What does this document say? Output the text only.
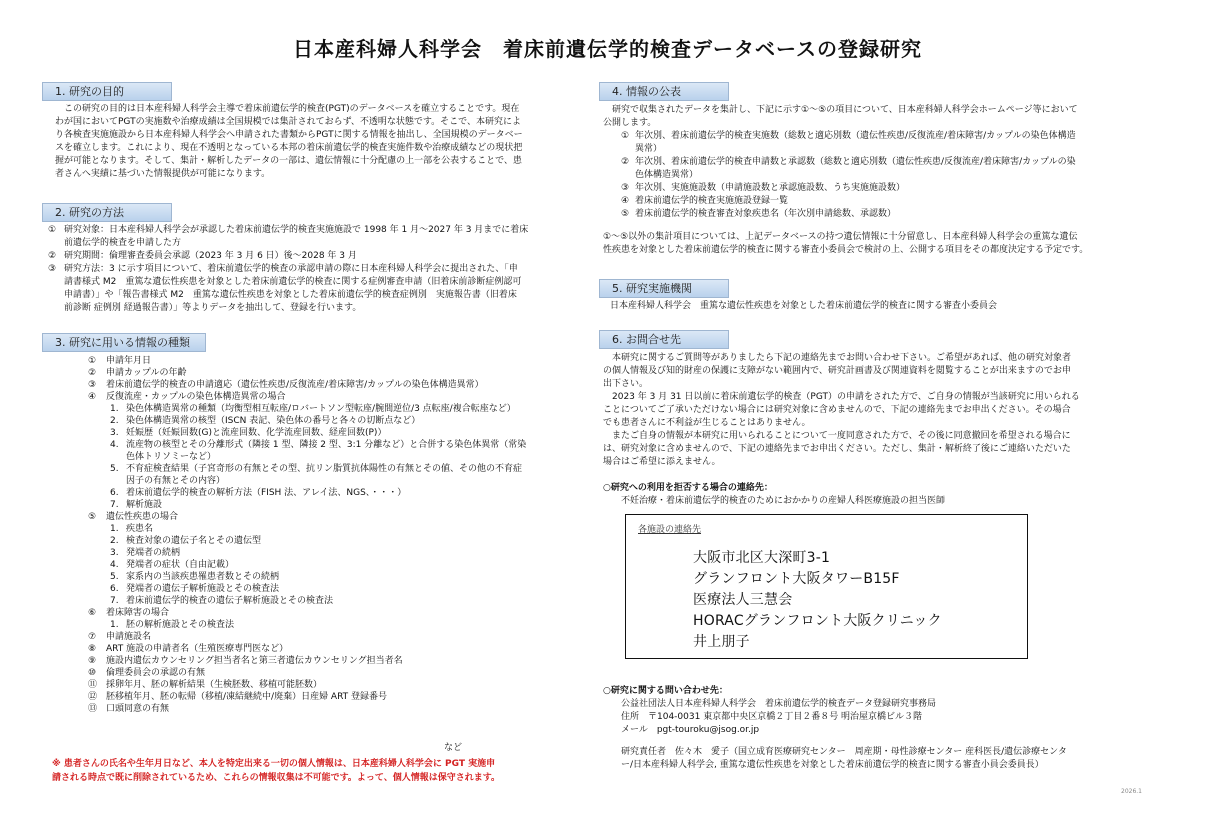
日本産科婦人科学会　着床前遺伝学的検査データベースの登録研究
1. 研究の目的
この研究の目的は日本産科婦人科学会主導で着床前遺伝学的検査(PGT)のデータベースを確立することです。現在
わが国においてPGTの実施数や治療成績は全国規模では集計されておらず、不透明な状態です。そこで、本研究によ
り各検査実施施設から日本産科婦人科学会へ申請された書類からPGTに関する情報を抽出し、全国規模のデータベー
スを確立します。これにより、現在不透明となっている本邦の着床前遺伝学的検査実施件数や治療成績などの現状把
握が可能となります。そして、集計・解析したデータの一部は、遺伝情報に十分配慮の上一部を公表することで、患
者さんへ実績に基づいた情報提供が可能になります。
2. 研究の方法
① 研究対象：日本産科婦人科学会が承認した着床前遺伝学的検査実施施設で 1998 年 1 月～2027 年 3 月までに着床
前遺伝学的検査を申請した方
② 研究期間：倫理審査委員会承認（2023 年 3 月 6 日）後～2028 年 3 月
③ 研究方法：3 に示す項目について、着床前遺伝学的検査の承認申請の際に日本産科婦人科学会に提出された、「申
請書様式 M2　重篤な遺伝性疾患を対象とした着床前遺伝学的検査に関する症例審査申請（旧着床前診断症例認可
申請書）」や「報告書様式 M2　重篤な遺伝性疾患を対象とした着床前遺伝学的検査症例別　実施報告書（旧着床
前診断 症例別 経過報告書）」等よりデータを抽出して、登録を行います。
3. 研究に用いる情報の種類
①	申請年月日
②	申請カップルの年齢
③	着床前遺伝学的検査の申請適応（遺伝性疾患/反復流産/着床障害/カップルの染色体構造異常）
④	反復流産・カップルの染色体構造異常の場合
1. 染色体構造異常の種類（均衡型相互転座/ロバートソン型転座/腕間逆位/3 点転座/複合転座など）
2. 染色体構造異常の核型（ISCN 表記、染色体の番号と各々の切断点など）
3. 妊娠歴（妊娠回数(G)と流産回数、化学流産回数、経産回数(P)）
4. 流産物の核型とその分離形式（隣接 1 型、隣接 2 型、3:1 分離など）と合併する染色体異常（常染
色体トリソミーなど）
5. 不育症検査結果（子宮奇形の有無とその型、抗リン脂質抗体陽性の有無とその値、その他の不育症
因子の有無とその内容）
6. 着床前遺伝学的検査の解析方法（FISH 法、アレイ法、NGS、・・・）
7. 解析施設
⑤	遺伝性疾患の場合
1. 疾患名
2. 検査対象の遺伝子名とその遺伝型
3. 発端者の続柄
4. 発端者の症状（自由記載）
5. 家系内の当該疾患罹患者数とその続柄
6. 発端者の遺伝子解析施設とその検査法
7. 着床前遺伝学的検査の遺伝子解析施設とその検査法
⑥	着床障害の場合
1. 胚の解析施設とその検査法
⑦	申請施設名
⑧	ART 施設の申請者名（生殖医療専門医など）
⑨	施設内遺伝カウンセリング担当者名と第三者遺伝カウンセリング担当者名
⑩	倫理委員会の承認の有無
⑪ 採卵年月、胚の解析結果（生検胚数、移植可能胚数）
⑫ 胚移植年月、胚の転帰（移植/凍結継続中/廃棄）日産婦 ART 登録番号
⑬ 口頭同意の有無
など
※ 患者さんの氏名や生年月日など、本人を特定出来る一切の個人情報は、日本産科婦人科学会に PGT 実施申
請される時点で既に削除されているため、これらの情報収集は不可能です。よって、個人情報は保守されます。
4. 情報の公表
研究で収集されたデータを集計し、下記に示す①～⑤の項目について、日本産科婦人科学会ホームページ等において
公開します。
① 年次別、着床前遺伝学的検査実施数（総数と適応別数（遺伝性疾患/反復流産/着床障害/カップルの染色体構造
異常）
② 年次別、着床前遺伝学的検査申請数と承認数（総数と適応別数（遺伝性疾患/反復流産/着床障害/カップルの染
色体構造異常）
③ 年次別、実施施設数（申請施設数と承認施設数、うち実施施設数）
④ 着床前遺伝学的検査実施施設登録一覧
⑤ 着床前遺伝学的検査審査対象疾患名（年次別申請総数、承認数）
①～⑤以外の集計項目については、上記データベースの持つ遺伝情報に十分留意し、日本産科婦人科学会の重篤な遺伝
性疾患を対象とした着床前遺伝学的検査に関する審査小委員会で検討の上、公開する項目をその都度決定する予定です。
5. 研究実施機関
日本産科婦人科学会　重篤な遺伝性疾患を対象とした着床前遺伝学的検査に関する審査小委員会
6. お問合せ先
本研究に関するご質問等がありましたら下記の連絡先までお問い合わせ下さい。ご希望があれば、他の研究対象者
の個人情報及び知的財産の保護に支障がない範囲内で、研究計画書及び関連資料を閲覧することが出来ますのでお申
出下さい。
2023 年 3 月 31 日以前に着床前遺伝学的検査（PGT）の申請をされた方で、ご自身の情報が当該研究に用いられる
ことについてご了承いただけない場合には研究対象に含めませんので、下記の連絡先までお申出ください。その場合
でも患者さんに不利益が生じることはありません。
またご自身の情報が本研究に用いられることについて一度同意された方で、その後に同意撤回を希望される場合に
は、研究対象に含めませんので、下記の連絡先までお申出ください。ただし、集計・解析終了後にご連絡いただいた
場合はご希望に添えません。
○研究への利用を拒否する場合の連絡先：
不妊治療・着床前遺伝学的検査のためにおかかりの産婦人科医療施設の担当医師
各施設の連絡先
大阪市北区大深町3-1
グランフロント大阪タワーB15F
医療法人三慧会
HORACグランフロント大阪クリニック
井上朋子
○研究に関する問い合わせ先：
公益社団法人日本産科婦人科学会　着床前遺伝学的検査データ登録研究事務局
住所　〒104-0031 東京都中央区京橋２丁目２番８号 明治屋京橋ビル３階
メール　pgt-touroku@jsog.or.jp
研究責任者　佐々木　愛子（国立成育医療研究センター　周産期・母性診療センター 産科医長/遺伝診療センタ
ー/日本産科婦人科学会, 重篤な遺伝性疾患を対象とした着床前遺伝学的検査に関する審査小員会委員長）
2026.1
